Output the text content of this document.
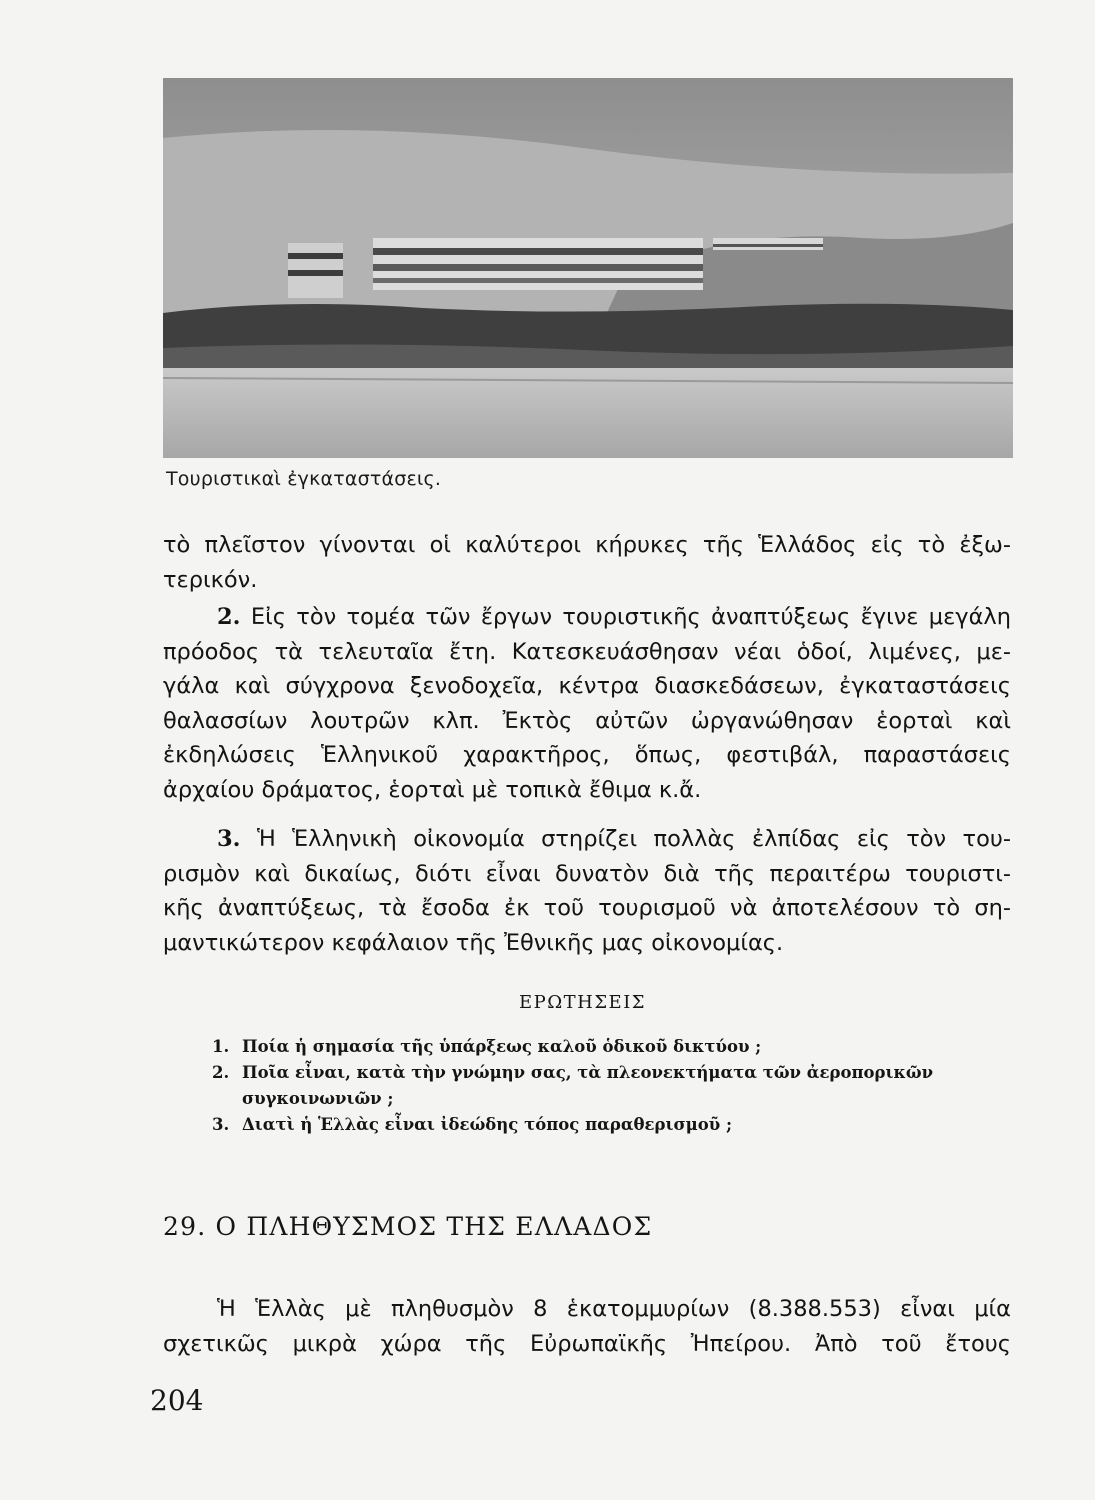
Τουριστικαὶ ἐγκαταστάσεις.
τὸ πλεῖστον γίνονται οἱ καλύτεροι κήρυκες τῆς Ἑλλάδος εἰς τὸ ἐξω-
τερικόν.
2. Εἰς τὸν τομέα τῶν ἔργων τουριστικῆς ἀναπτύξεως ἔγινε μεγάλη
πρόοδος τὰ τελευταῖα ἔτη. Κατεσκευάσθησαν νέαι ὁδοί, λιμένες, με-
γάλα καὶ σύγχρονα ξενοδοχεῖα, κέντρα διασκεδάσεων, ἐγκαταστάσεις
θαλασσίων λουτρῶν κλπ. Ἐκτὸς αὐτῶν ὠργανώθησαν ἑορταὶ καὶ
ἐκδηλώσεις Ἑλληνικοῦ χαρακτῆρος, ὅπως, φεστιβάλ, παραστάσεις
ἀρχαίου δράματος, ἑορταὶ μὲ τοπικὰ ἔθιμα κ.ἄ.
3. Ἡ Ἑλληνικὴ οἰκονομία στηρίζει πολλὰς ἐλπίδας εἰς τὸν του-
ρισμὸν καὶ δικαίως, διότι εἶναι δυνατὸν διὰ τῆς περαιτέρω τουριστι-
κῆς ἀναπτύξεως, τὰ ἔσοδα ἐκ τοῦ τουρισμοῦ νὰ ἀποτελέσουν τὸ ση-
μαντικώτερον κεφάλαιον τῆς Ἐθνικῆς μας οἰκονομίας.
ΕΡΩΤΗΣΕΙΣ
1. Ποία ἡ σημασία τῆς ὑπάρξεως καλοῦ ὁδικοῦ δικτύου ;
2. Ποῖα εἶναι, κατὰ τὴν γνώμην σας, τὰ πλεονεκτήματα τῶν ἀεροπορικῶν
συγκοινωνιῶν ;
3. Διατὶ ἡ Ἑλλὰς εἶναι ἰδεώδης τόπος παραθερισμοῦ ;
29. Ο ΠΛΗΘΥΣΜΟΣ ΤΗΣ ΕΛΛΑΔΟΣ
Ἡ Ἑλλὰς μὲ πληθυσμὸν 8 ἑκατομμυρίων (8.388.553) εἶναι μία
σχετικῶς μικρὰ χώρα τῆς Εὐρωπαϊκῆς Ἠπείρου. Ἀπὸ τοῦ ἔτους
204
